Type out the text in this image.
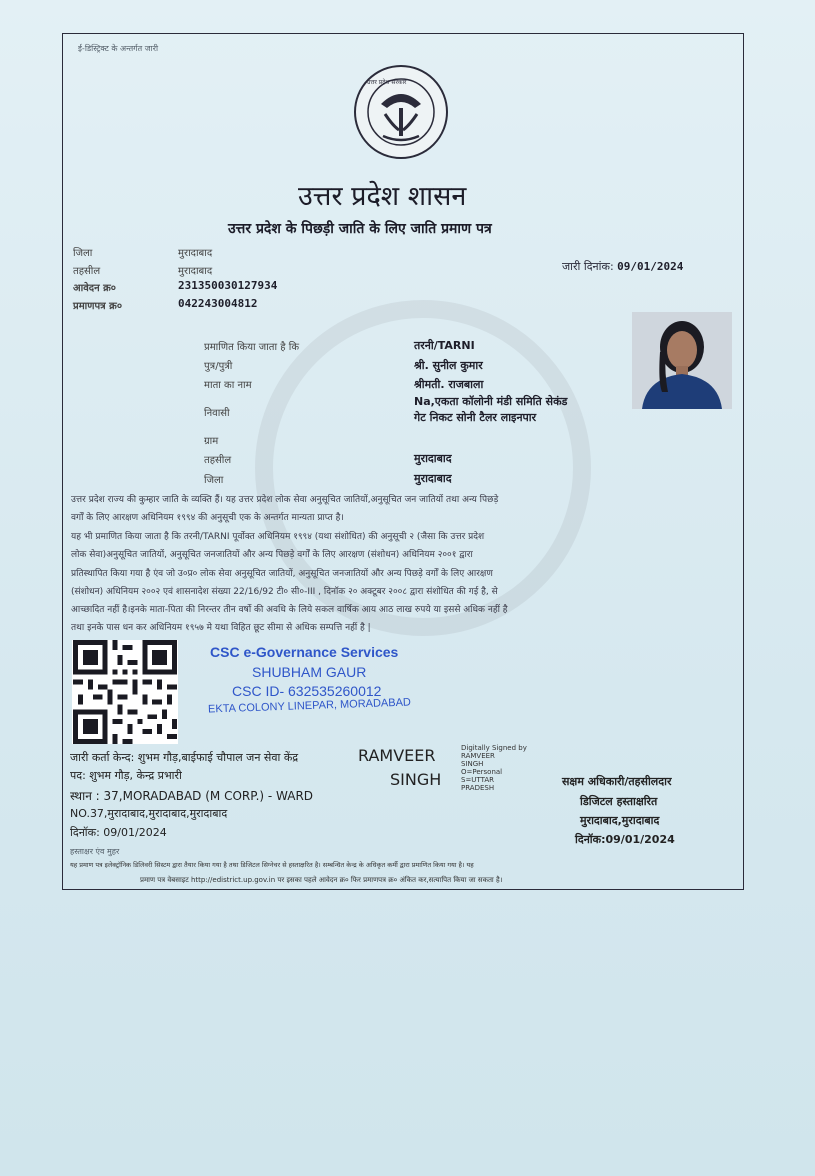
ई-डिस्ट्रिक्ट के अन्तर्गत जारी
उत्तर प्रदेश सरकार
उत्तर प्रदेश शासन
उत्तर प्रदेश के पिछड़ी जाति के लिए जाति प्रमाण पत्र
जिला	मुरादाबाद
तहसील	मुरादाबाद
आवेदन क्र०	231350030127934
प्रमाणपत्र क्र०	042243004812
जारी दिनांक: 09/01/2024
प्रमाणित किया जाता है कि	तरनी/TARNI
पुत्र/पुत्री	श्री. सुनील कुमार
माता का नाम	श्रीमती. राजबाला
निवासी
Na,एकता कॉलोनी मंडी समिति सेकंड
गेट निकट सोनी टैलर लाइनपार
ग्राम
तहसील	मुरादाबाद
जिला	मुरादाबाद
उत्तर प्रदेश राज्य की कुम्हार जाति के व्यक्ति हैं। यह उत्तर प्रदेश लोक सेवा अनुसूचित जातियों,अनुसूचित जन जातियों तथा अन्य पिछड़े
वर्गों के लिए आरक्षण अधिनियम १९९४ की अनुसूची एक के अन्तर्गत मान्यता प्राप्त है।
यह भी प्रमाणित किया जाता है कि तरनी/TARNI पूर्वोक्त अधिनियम १९९४ (यथा संशोधित) की अनुसूची २ (जैसा कि उत्तर प्रदेश
लोक सेवा)अनुसूचित जातियों, अनुसूचित जनजातियों और अन्य पिछड़े वर्गों के लिए आरक्षण (संशोधन) अधिनियम २००१ द्वारा
प्रतिस्थापित किया गया है एंव जो उ०प्र० लोक सेवा अनुसूचित जातियों, अनुसूचित जनजातियों और अन्य पिछड़े वर्गों के लिए आरक्षण
(संशोधन) अधिनियम २००२ एवं शासनादेश संख्या 22/16/92 टी० सी०-III , दिनॉक २० अक्टूबर २००८ द्वारा संशोधित की गई है, से
आच्छादित नहीं है।इनके माता-पिता की निरन्तर तीन वर्षो की अवधि के लिये सकल वार्षिक आय आठ लाख रुपये या इससे अधिक नहीं है
तथा इनके पास धन कर अधिनियम १९५७ मे यथा विहित छूट सीमा से अधिक सम्पत्ति नहीं है |
CSC e-Governance Services
SHUBHAM GAUR
CSC ID- 632535260012
EKTA COLONY LINEPAR, MORADABAD
जारी कर्ता केन्द: शुभम गौड़,बाईफाई चौपाल जन सेवा केंद्र
पद: शुभम गौड़, केन्द्र प्रभारी
स्थान : 37,MORADABAD (M CORP.) - WARD
NO.37,मुरादाबाद,मुरादाबाद,मुरादाबाद
दिनॉक: 09/01/2024
हस्ताक्षर एंव मुहर
RAMVEER
SINGH
Digitally Signed by
RAMVEER
SINGH
O=Personal
S=UTTAR
PRADESH	सक्षम अधिकारी/तहसीलदार
डिजिटल हस्ताक्षरित
मुरादाबाद,मुरादाबाद
दिनॉक:09/01/2024
यह प्रमाण पत्र इलेक्ट्रॉनिक डिलिवरी सिस्टम द्वारा तैयार किया गया है तथा डिजिटल सिग्नेचर से हस्ताक्षरित है। सम्बन्धित केन्द्र के अधिकृत कर्मी द्वारा प्रमाणित किया गया है। यह
प्रमाण पत्र वेबसाइट http://edistrict.up.gov.in पर इसका पहले आवेदन क्र० फिर प्रमाणपत्र क्र० अंकित कर,सत्यापित किया जा सकता है।
